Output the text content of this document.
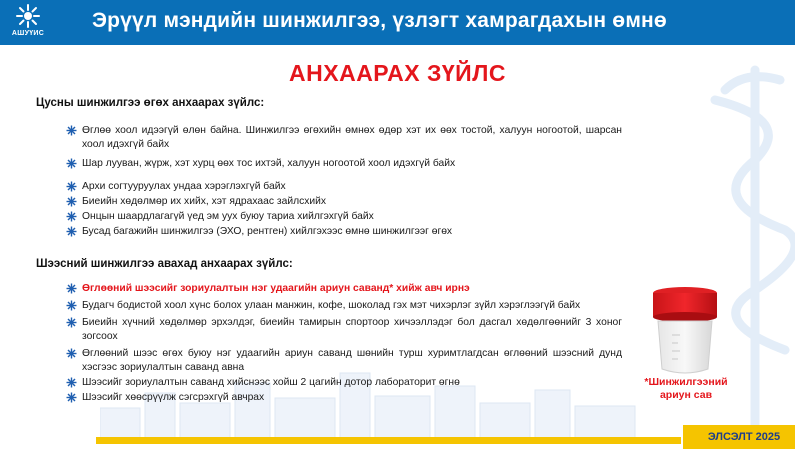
АШУҮИС
Эрүүл мэндийн шинжилгээ, үзлэгт хамрагдахын өмнө
АНХААРАХ ЗҮЙЛС
Цусны шинжилгээ өгөх анхаарах зүйлс:
Өглөө хоол идээгүй өлөн байна. Шинжилгээ өгөхийн өмнөх өдөр хэт их өөх тостой, халуун ногоотой, шарсан хоол идэхгүй байх
Шар лууван, жүрж, хэт хурц өөх тос ихтэй, халуун ногоотой хоол идэхгүй байх
Архи согтууруулах ундаа хэрэглэхгүй байх
Биеийн хөдөлмөр их хийх, хэт ядрахаас зайлсхийх
Онцын шаардлагагүй үед эм уух буюу тариа хийлгэхгүй байх
Бусад багажийн шинжилгээ (ЭХО, рентген) хийлгэхээс өмнө шинжилгээг өгөх
Шээсний шинжилгээ авахад анхаарах зүйлс:
Өглөөний шээсийг зориулалтын нэг удаагийн ариун саванд* хийж авч ирнэ
Будагч бодистой хоол хүнс болох улаан манжин, кофе, шоколад гэх мэт чихэрлэг зүйл хэрэглээгүй байх
Биеийн хүчний хөдөлмөр эрхэлдэг, биеийн тамирын спортоор хичээллэдэг бол дасгал хөдөлгөөнийг 3 хоног зогсоох
Өглөөний шээс өгөх буюу нэг удаагийн ариун саванд шөнийн турш хуримтлагдсан өглөөний шээсний дунд хэсгээс зориулалтын саванд авна
Шээсийг зориулалтын саванд хийснээс хойш 2 цагийн дотор лабораторит өгнө
Шээсийг хөөсрүүлж сэгсрэхгүй авчрах
*Шинжилгээний
ариун сав
ЭЛСЭЛТ 2025
